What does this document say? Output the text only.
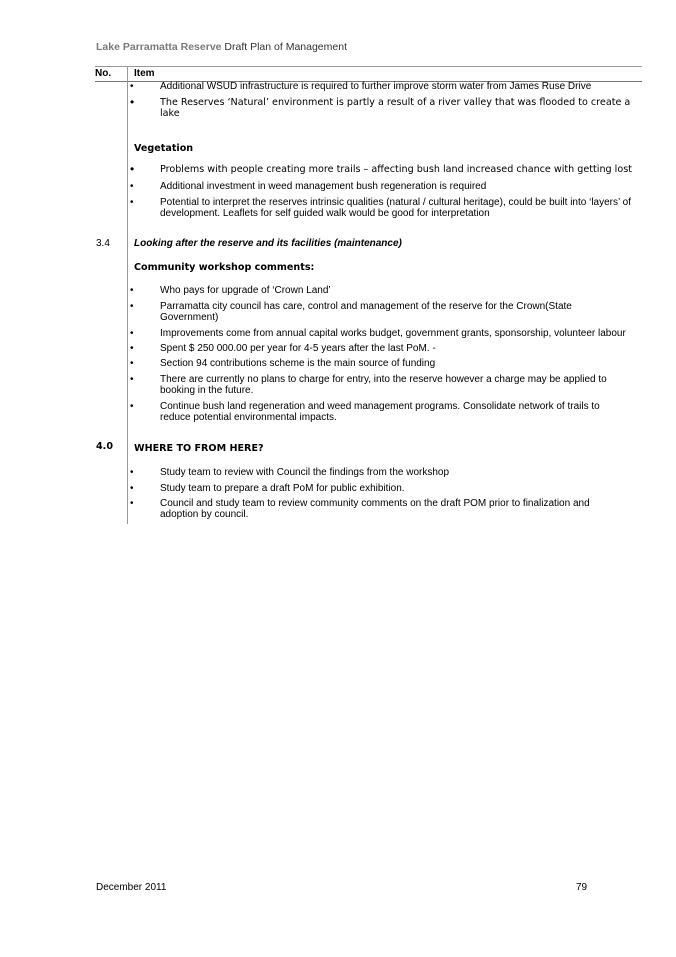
Lake Parramatta Reserve Draft Plan of Management
No. Item
•	Additional WSUD infrastructure is required to further improve storm water from James Ruse Drive
•	The Reserves ‘Natural’ environment is partly a result of a river valley that was flooded to create a lake
Vegetation
•	Problems with people creating more trails – affecting bush land increased chance with getting lost
•	Additional investment in weed management bush regeneration is required
•	Potential to interpret the reserves intrinsic qualities (natural / cultural heritage), could be built into ‘layers’ of development. Leaflets for self guided walk would be good for interpretation
3.4 Looking after the reserve and its facilities (maintenance)
Community workshop comments:
•	Who pays for upgrade of ‘Crown Land’
•	Parramatta city council has care, control and management of the reserve for the Crown(State Government)
•	Improvements come from annual capital works budget, government grants, sponsorship, volunteer labour
•	Spent $ 250 000.00 per year for 4-5 years after the last PoM. -
•	Section 94 contributions scheme is the main source of funding
•	There are currently no plans to charge for entry, into the reserve however a charge may be applied to booking in the future.
•	Continue bush land regeneration and weed management programs. Consolidate network of trails to reduce potential environmental impacts.
4.0 WHERE TO FROM HERE?
•	Study team to review with Council the findings from the workshop
•	Study team to prepare a draft PoM for public exhibition.
•	Council and study team to review community comments on the draft POM prior to finalization and adoption by council.
December 2011	79
